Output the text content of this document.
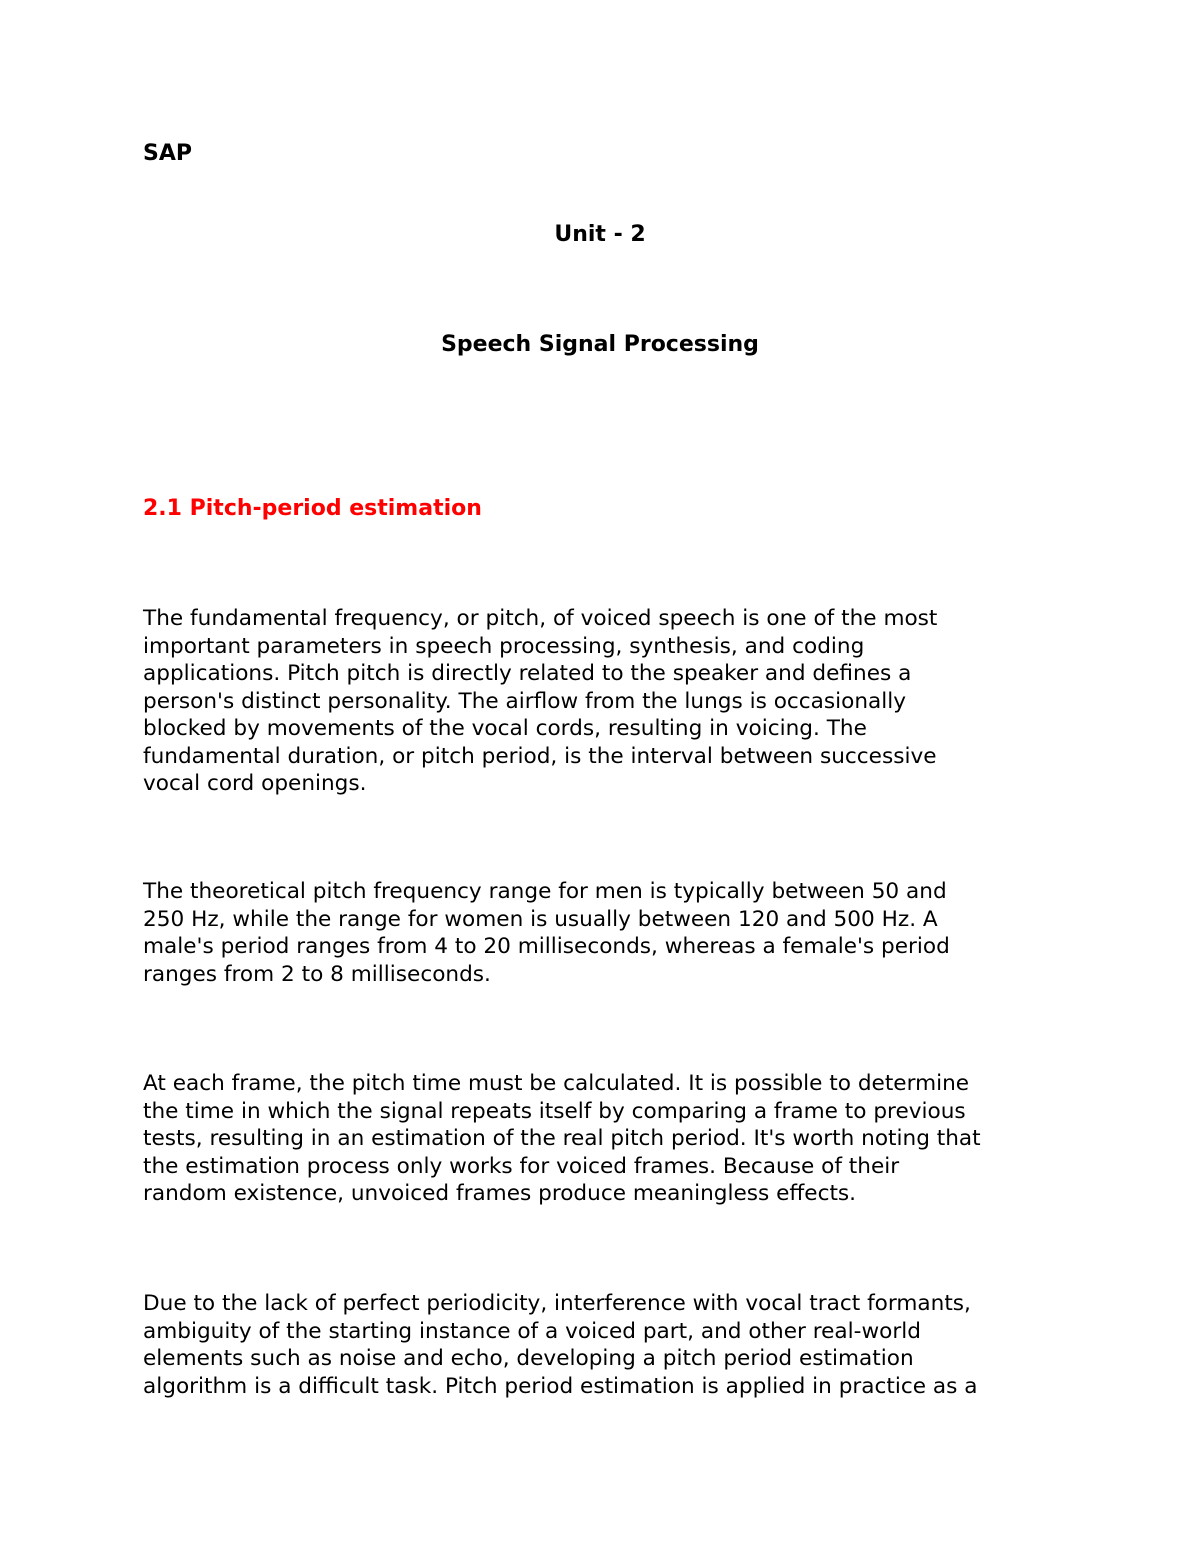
SAP

Unit - 2

Speech Signal Processing

2.1 Pitch-period estimation

The fundamental frequency, or pitch, of voiced speech is one of the most
important parameters in speech processing, synthesis, and coding
applications. Pitch pitch is directly related to the speaker and defines a
person's distinct personality. The airflow from the lungs is occasionally
blocked by movements of the vocal cords, resulting in voicing. The
fundamental duration, or pitch period, is the interval between successive
vocal cord openings.

The theoretical pitch frequency range for men is typically between 50 and
250 Hz, while the range for women is usually between 120 and 500 Hz. A
male's period ranges from 4 to 20 milliseconds, whereas a female's period
ranges from 2 to 8 milliseconds.

At each frame, the pitch time must be calculated. It is possible to determine
the time in which the signal repeats itself by comparing a frame to previous
tests, resulting in an estimation of the real pitch period. It's worth noting that
the estimation process only works for voiced frames. Because of their
random existence, unvoiced frames produce meaningless effects.

Due to the lack of perfect periodicity, interference with vocal tract formants,
ambiguity of the starting instance of a voiced part, and other real-world
elements such as noise and echo, developing a pitch period estimation
algorithm is a difficult task. Pitch period estimation is applied in practice as a
